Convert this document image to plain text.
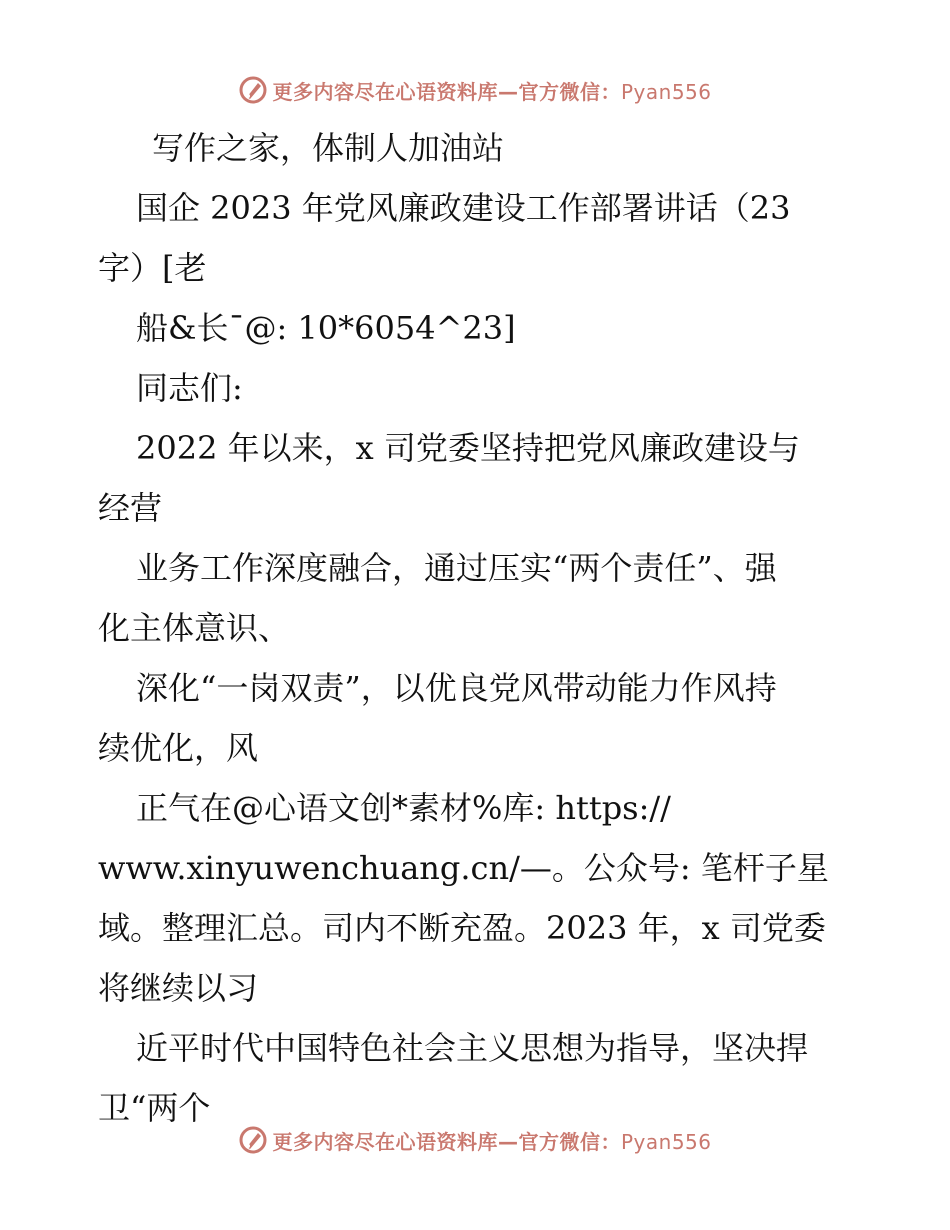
更多内容尽在心语资料库—官方微信：Pyan556
写作之家，体制人加油站
国企 2023 年党风廉政建设工作部署讲话（23
字）[老
船&长¯@: 10*6054^23]
同志们:
2022 年以来，x 司党委坚持把党风廉政建设与
经营
业务工作深度融合，通过压实“两个责任”、强
化主体意识、
深化“一岗双责”，以优良党风带动能力作风持
续优化，风
正气在@心语文创*素材%库: https://
www.xinyuwenchuang.cn/—。公众号: 笔杆子星
域。整理汇总。司内不断充盈。2023 年，x 司党委
将继续以习
近平时代中国特色社会主义思想为指导，坚决捍
卫“两个
更多内容尽在心语资料库—官方微信：Pyan556
